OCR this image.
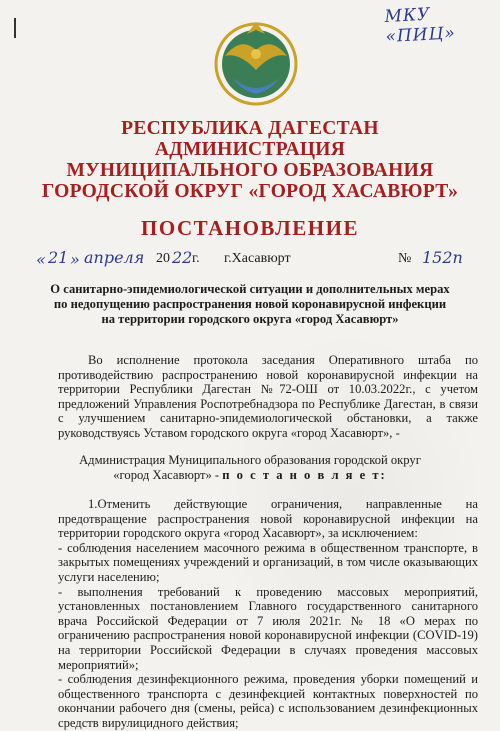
МКУ «ПИЦ»
РЕСПУБЛИКА ДАГЕСТАН
АДМИНИСТРАЦИЯ
МУНИЦИПАЛЬНОГО ОБРАЗОВАНИЯ
ГОРОДСКОЙ ОКРУГ «ГОРОД ХАСАВЮРТ»
ПОСТАНОВЛЕНИЕ
« 21 » апреля 20 22 г. г.Хасавюрт	№ 152п
О санитарно-эпидемиологической ситуации и дополнительных мерах
по недопущению распространения новой коронавирусной инфекции
на территории городского округа «город Хасавюрт»
Во исполнение протокола заседания Оперативного штаба по противодействию распространению новой коронавирусной инфекции на территории Республики Дагестан №72-ОШ от 10.03.2022г., с учетом предложений Управления Роспотребнадзора по Республике Дагестан, в связи с улучшением санитарно-эпидемиологической обстановки, а также руководствуясь Уставом городского округа «город Хасавюрт», -
Администрация Муниципального образования городской округ
«город Хасавюрт» - п о с т а н о в л я е т:
1.Отменить действующие ограничения, направленные на предотвращение распространения новой коронавирусной инфекции на территории городского округа «город Хасавюрт», за исключением:
- соблюдения населением масочного режима в общественном транспорте, в закрытых помещениях учреждений и организаций, в том числе оказывающих услуги населению;
- выполнения требований к проведению массовых мероприятий, установленных постановлением Главного государственного санитарного врача Российской Федерации от 7 июля 2021г. № 18 «О мерах по ограничению распространения новой коронавирусной инфекции (COVID-19) на территории Российской Федерации в случаях проведения массовых мероприятий»;
- соблюдения дезинфекционного режима, проведения уборки помещений и общественного транспорта с дезинфекцией контактных поверхностей по окончании рабочего дня (смены, рейса) с использованием дезинфекционных средств вирулицидного действия;
